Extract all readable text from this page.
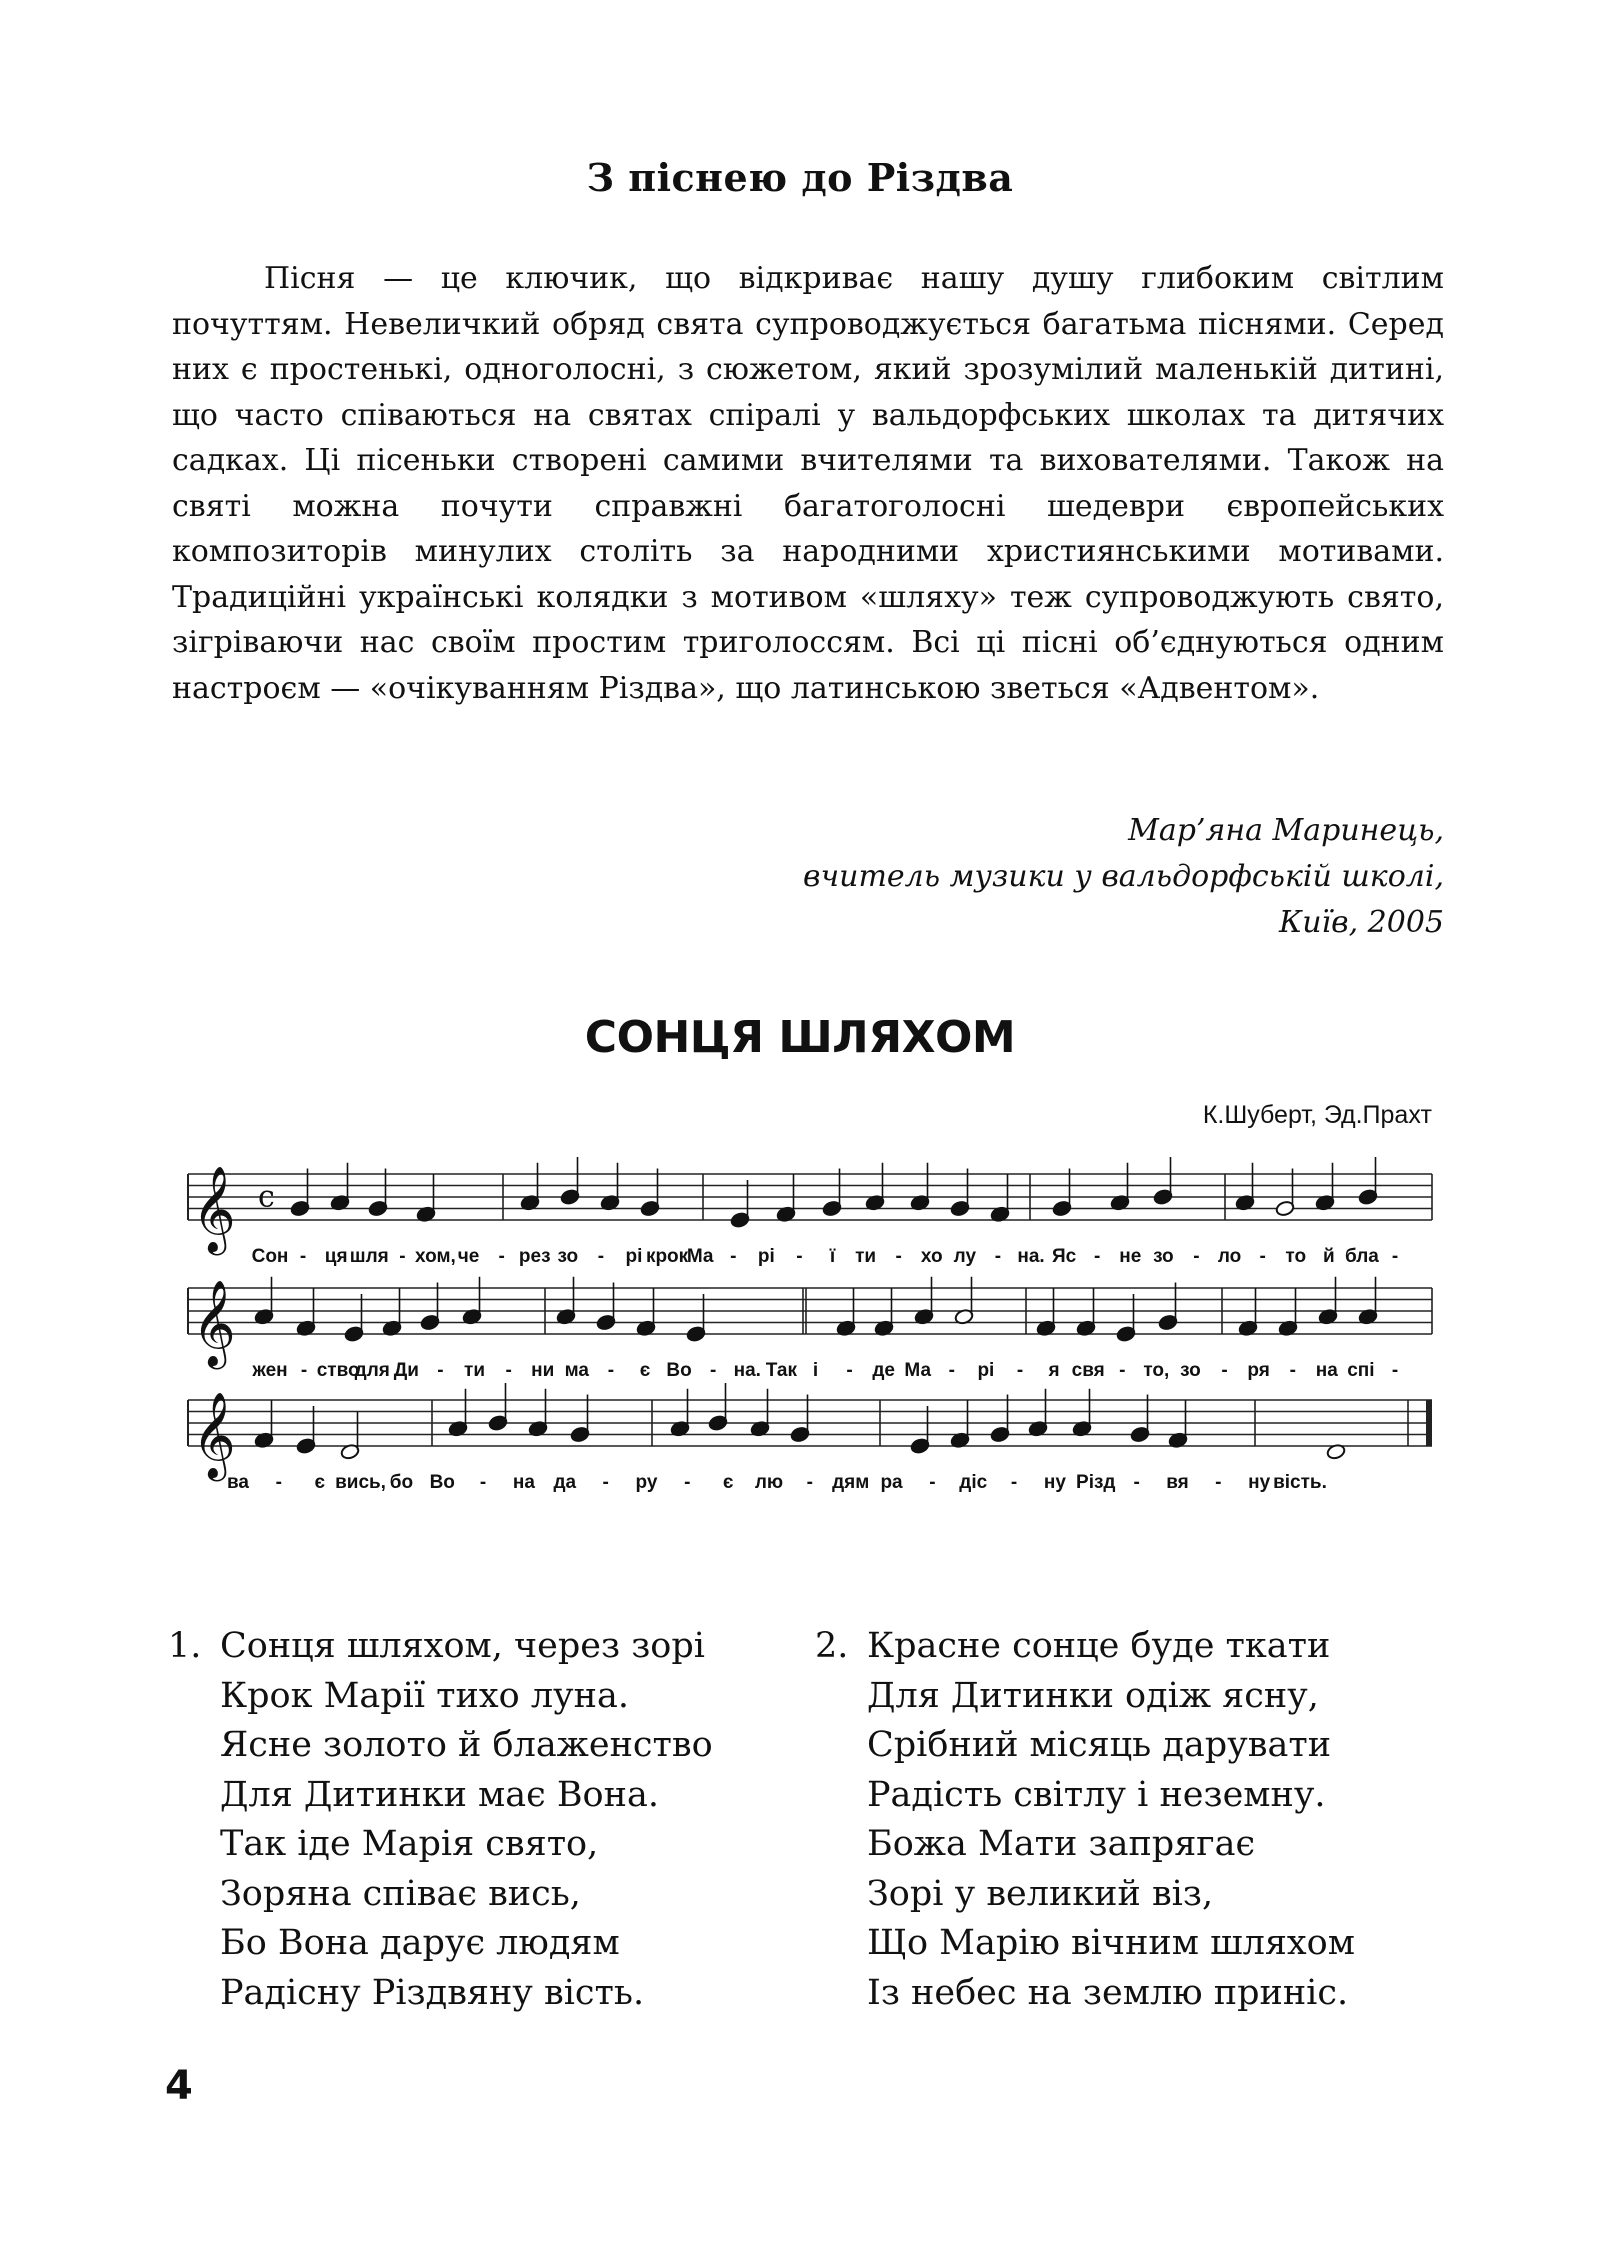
З піснею до Різдва

Пісня — це ключик, що відкриває нашу душу глибоким світлим почуттям. Невеличкий обряд свята супроводжується багатьма піснями. Серед них є простенькі, одноголосні, з сюжетом, який зрозумілий маленькій дитині, що часто співаються на святах спіралі у вальдорфських школах та дитячих садках. Ці пісеньки створені самими вчителями та вихователями. Також на святі можна почути справжні багатоголосні шедеври європейських композиторів минулих століть за народними християнськими мотивами. Традиційні українські колядки з мотивом «шляху» теж супроводжують свято, зігріваючи нас своїм простим триголоссям. Всі ці пісні об’єднуються одним настроєм — «очікуванням Різдва», що латинською зветься «Адвентом».

Мар’яна Маринець,
вчитель музики у вальдорфській школі,
Київ, 2005
СОНЦЯ ШЛЯХОМ
К.Шуберт, Эд.Прахт
𝄞 c
Сон - ця шля - хом, че - рез зо - рі крок
Ма - рі - ї ти - хо лу - на. Яс - не зо - ло - то й бла -
𝄞
жен - ство
для Ди - ти - ни ма - є Во - на. Так і - де Ма - рі - я свя - то, зо - ря - на спі -
𝄞
ва - є вись, бо Во - на да - ру - є лю - дям ра - діс - ну Різд - вя - ну вість.
1. Сонця шляхом, через зорі
Крок Марії тихо луна.
Ясне золото й блаженство
Для Дитинки має Вона.
Так іде Марія свято,
Зоряна співає вись,
Бо Вона дарує людям
Радісну Різдвяну вість.
2. Красне сонце буде ткати
Для Дитинки одіж ясну,
Срібний місяць дарувати
Радість світлу і неземну.
Божа Мати запрягає
Зорі у великий віз,
Що Марію вічним шляхом
Із небес на землю приніс.
4
